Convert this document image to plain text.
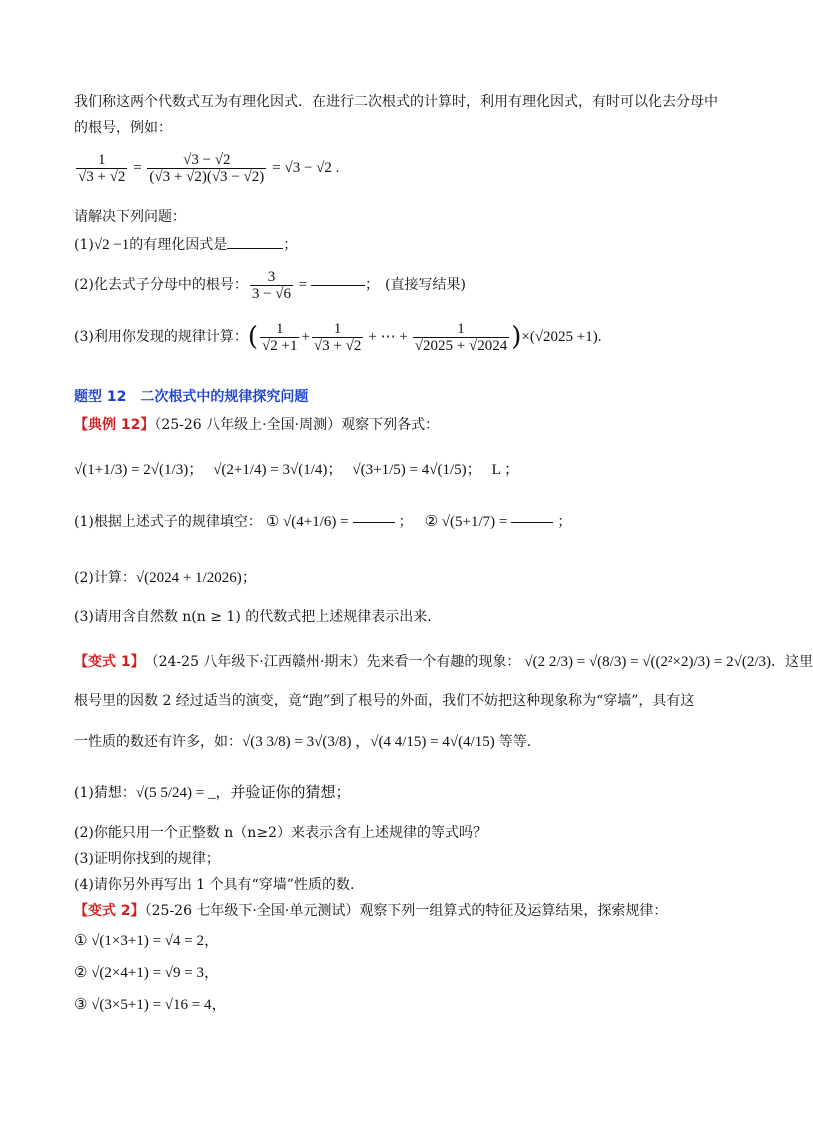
我们称这两个代数式互为有理化因式．在进行二次根式的计算时，利用有理化因式，有时可以化去分母中
的根号，例如：
$\frac{1}{√3 + √2} = \frac{√3 - √2}{(√3 + √2)(√3 - √2)} = √3 - √2$ .
请解决下列问题：
(1)√2 −1的有理化因式是	；
(2)化去式子分母中的根号： $\frac{3}{3 - √6}$ =	； ( 直接写结果 )
(3)利用你发现的规律计算： ( $\frac{1}{√2 +1} + \frac{1}{√3 + √2}$ + ⋯ + $\frac{1}{√2025 + √2024}$ ) ×(√2025 +1).
题型 12　二次根式中的规律探究问题
【典例 12】（25-26 八年级上·全国·周测）观察下列各式：
√(1+1/3) = 2√(1/3)； √(2+1/4) = 3√(1/4)； √(3+1/5) = 4√(1/5)； L ；
(1)根据上述式子的规律填空： ① √(4+1/6) =	； ② √(5+1/7) =	；
(2)计算： √(2024 + 1/2026)；
(3)请用含自然数 n(n ≥ 1) 的代数式把上述规律表示出来.
【变式 1】 （24-25 八年级下·江西赣州·期末）先来看一个有趣的现象： √(2 2/3) = √(8/3) = √((2²×2)/3) = 2√(2/3) ．这里
根号里的因数 2 经过适当的演变，竟“跑”到了根号的外面，我们不妨把这种现象称为“穿墙”，具有这
一性质的数还有许多，如： √(3 3/8) = 3√(3/8) ，√(4 4/15) = 4√(4/15) 等等.
(1)猜想： √(5 5/24) = _，并验证你的猜想；
(2)你能只用一个正整数 n（n≥2）来表示含有上述规律的等式吗？
(3)证明你找到的规律；
(4)请你另外再写出 1 个具有“穿墙”性质的数.
【变式 2】（25-26 七年级下·全国·单元测试）观察下列一组算式的特征及运算结果，探索规律：
① √(1×3+1) = √4 = 2，
② √(2×4+1) = √9 = 3，
③ √(3×5+1) = √16 = 4，
